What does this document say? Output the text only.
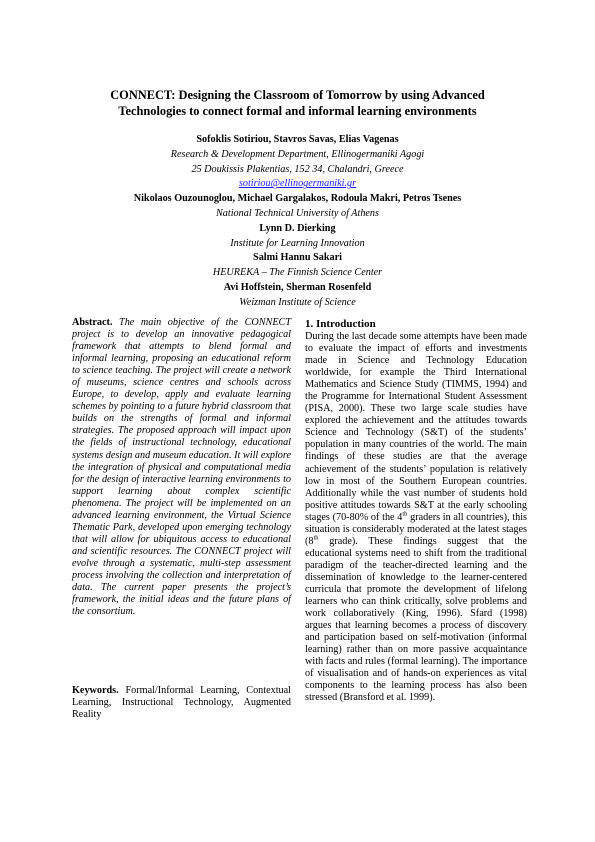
CONNECT: Designing the Classroom of Tomorrow by using Advanced
Technologies to connect formal and informal learning environments
Sofoklis Sotiriou, Stavros Savas, Elias Vagenas
Research & Development Department, Ellinogermaniki Agogi
25 Doukissis Plakentias, 152 34, Chalandri, Greece
sotiriou@ellinogermaniki.gr
Nikolaos Ouzounoglou, Michael Gargalakos, Rodoula Makri, Petros Tsenes
National Technical University of Athens
Lynn D. Dierking
Institute for Learning Innovation
Salmi Hannu Sakari
HEUREKA – The Finnish Science Center
Avi Hoffstein, Sherman Rosenfeld
Weizman Institute of Science
Abstract. The main objective of the CONNECT project is to develop an innovative pedagogical framework that attempts to blend formal and informal learning, proposing an educational reform to science teaching. The project will create a network of museums, science centres and schools across Europe, to develop, apply and evaluate learning schemes by pointing to a future hybrid classroom that builds on the strengths of formal and informal strategies. The proposed approach will impact upon the fields of instructional technology, educational systems design and museum education. It will explore the integration of physical and computational media for the design of interactive learning environments to support learning about complex scientific phenomena. The project will be implemented on an advanced learning environment, the Virtual Science Thematic Park, developed upon emerging technology that will allow for ubiquitous access to educational and scientific resources. The CONNECT project will evolve through a systematic, multi-step assessment process involving the collection and interpretation of data. The current paper presents the project’s framework, the initial ideas and the future plans of the consortium.
Keywords. Formal/Informal Learning, Contextual Learning, Instructional Technology, Augmented Reality
1. Introduction
During the last decade some attempts have been made to evaluate the impact of efforts and investments made in Science and Technology Education worldwide, for example the Third International Mathematics and Science Study (TIMMS, 1994) and the Programme for International Student Assessment (PISA, 2000). These two large scale studies have explored the achievement and the attitudes towards Science and Technology (S&T) of the students’ population in many countries of the world. The main findings of these studies are that the average achievement of the students’ population is relatively low in most of the Southern European countries. Additionally while the vast number of students hold positive attitudes towards S&T at the early schooling stages (70-80% of the 4th graders in all countries), this situation is considerably moderated at the latest stages (8th grade). These findings suggest that the educational systems need to shift from the traditional paradigm of the teacher-directed learning and the dissemination of knowledge to the learner-centered curricula that promote the development of lifelong learners who can think critically, solve problems and work collaboratively (King, 1996). Sfard (1998) argues that learning becomes a process of discovery and participation based on self-motivation (informal learning) rather than on more passive acquaintance with facts and rules (formal learning). The importance of visualisation and of hands-on experiences as vital components to the learning process has also been stressed (Bransford et al. 1999).
